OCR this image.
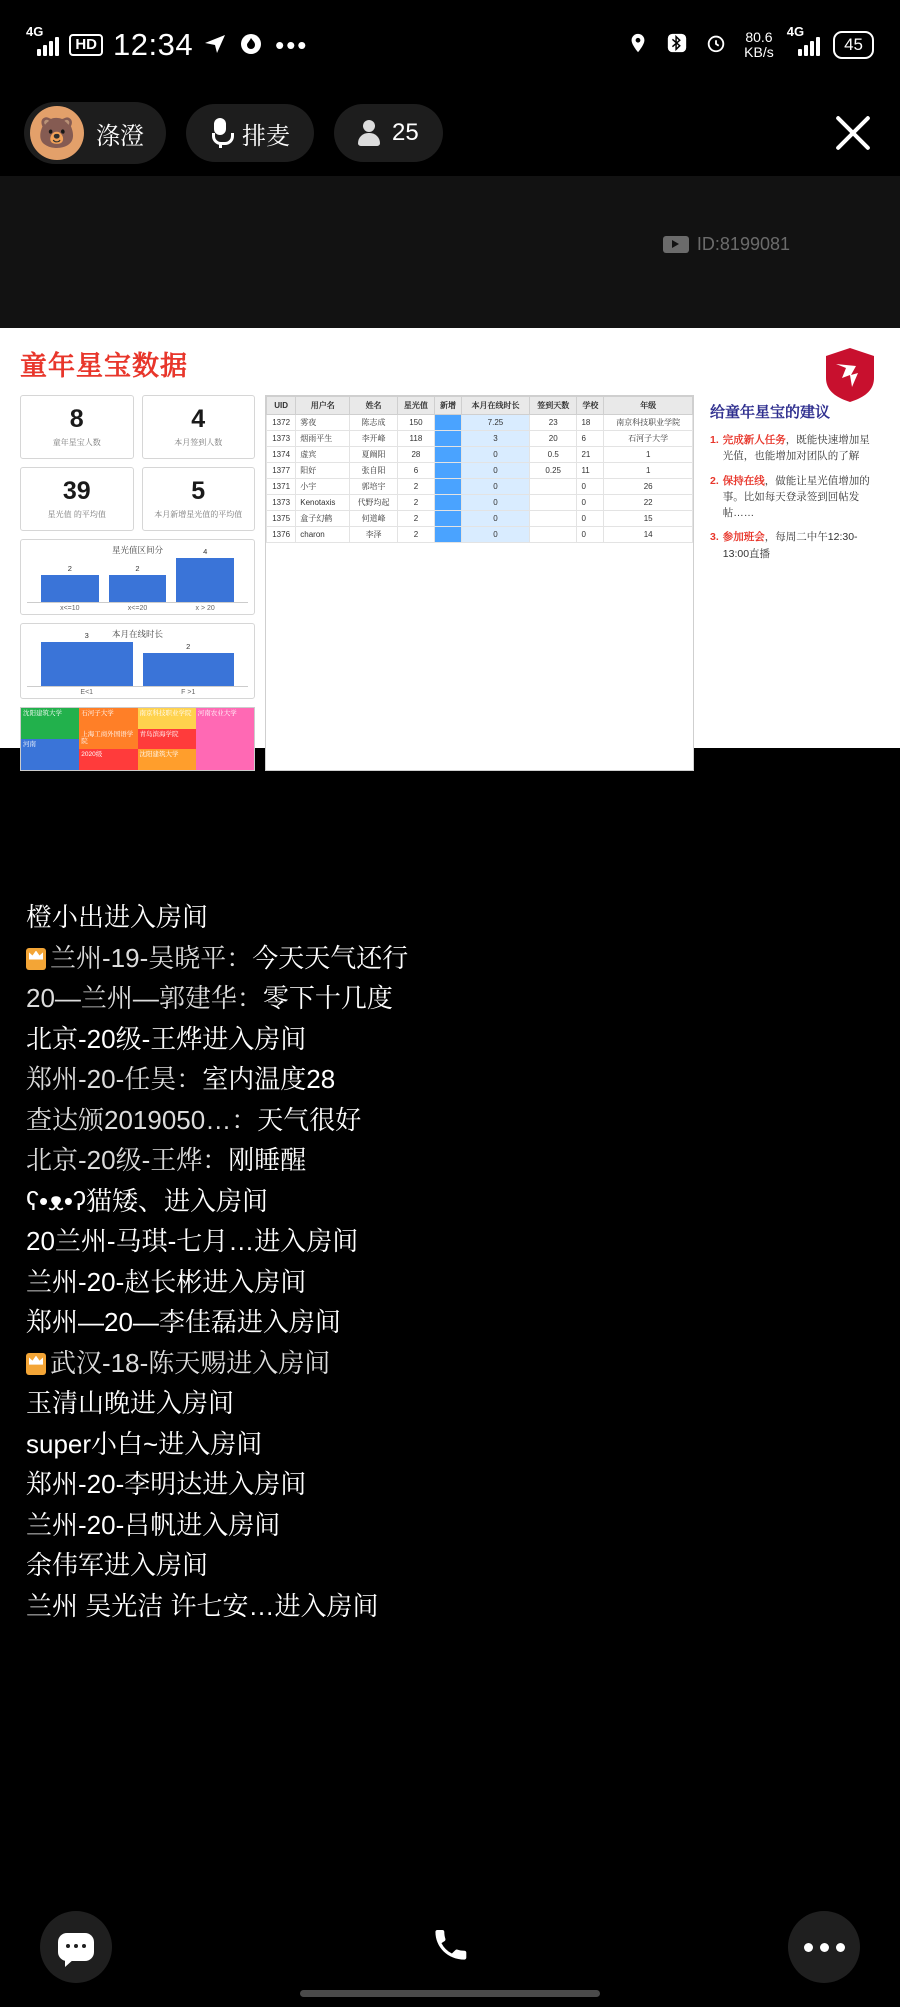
4G
HD 12:34	•••	80.6
KB/s
4G
45
🐻 涤澄	排麦	25
ID:8199081
童年星宝数据
8
童年星宝人数
4
本月签到人数
39
星光值 的平均值
5
本月新增星光值的平均值
星光值区间分
2	2
4
x<=10	x<=20	x > 20
本月在线时长
3
2
E<1	F >1
沈阳建筑大学
河南
石河子大学
上海工商外国语学院
2020级
南京科技职业学院
青岛滨海学院
沈阳建筑大学
河南农业大学
UID	用户名	姓名	星光值	新增	本月在线时长	签到天数	学校	年级
1372	雾夜	陈志成	150		7.25	23	18	南京科技职业学院
1373	烟雨平生	李开峰	118		3	20	6	石河子大学
1374	虚宾	夏阚阳	28		0	0.5	21	1
1377	阳好	张自阳	6		0	0.25	11	1
1371	小宇	郭培宇	2		0		0	26
1373	Kenotaxis	代野均起	2		0		0	22
1375	盒子幻鹤	何道峰	2		0		0	15
1376	charon	李泽	2		0		0	14
给童年星宝的建议
1. 完成新人任务，既能快速增加星光值，也能增加对团队的了解
2. 保持在线，做能让星光值增加的事。比如每天登录签到回帖发帖……
3. 参加班会，每周二中午12:30-13:00直播
橙小出进入房间
兰州-19-吴晓平：今天天气还行
20—兰州—郭建华：零下十几度
北京-20级-王烨进入房间
郑州-20-任昊：室内温度28
查达颁2019050…：天气很好
北京-20级-王烨：刚睡醒
ʕ•ᴥ•ʔ猫矮、进入房间
20兰州-马琪-七月…进入房间
兰州-20-赵长彬进入房间
郑州—20—李佳磊进入房间
武汉-18-陈天赐进入房间
玉清山晚进入房间
super小白~进入房间
郑州-20-李明达进入房间
兰州-20-吕帆进入房间
余伟军进入房间
兰州 吴光洁 许七安…进入房间
